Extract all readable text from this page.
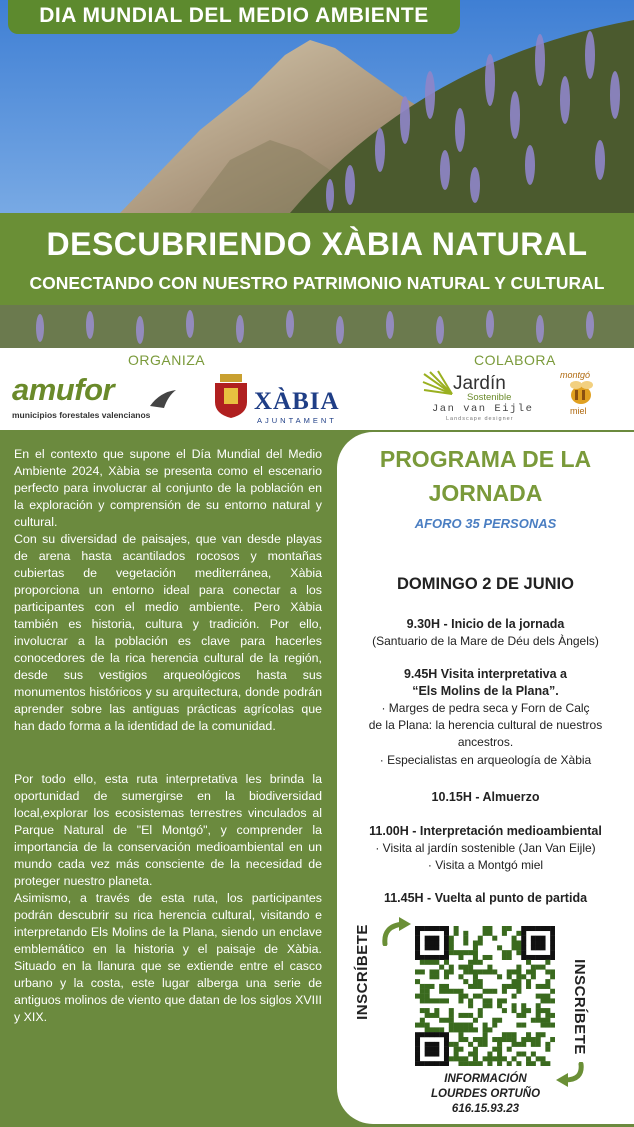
DIA MUNDIAL DEL MEDIO AMBIENTE
DESCUBRIENDO XÀBIA NATURAL
CONECTANDO CON NUESTRO PATRIMONIO NATURAL Y CULTURAL
ORGANIZA	COLABORA
amufor
municipios forestales valencianos	XÀBIA
AJUNTAMENT
Jardín
Sostenible
Jan van Eijle
Landscape designer
montgó
miel

En el contexto que supone el Día Mundial del Medio Ambiente 2024, Xàbia se presenta como el escenario perfecto para involucrar al conjunto de la población en la exploración y comprensión de su entorno natural y cultural.

Con su diversidad de paisajes, que van desde playas de arena hasta acantilados rocosos y montañas cubiertas de vegetación mediterránea, Xàbia proporciona un entorno ideal para conectar a los participantes con el medio ambiente. Pero Xàbia también es historia, cultura y tradición. Por ello, involucrar a la población es clave para hacerles conocedores de la rica herencia cultural de la región, desde sus vestigios arqueológicos hasta sus monumentos históricos y su arquitectura, donde podrán aprender sobre las antiguas prácticas agrícolas que han dado forma a la identidad de la comunidad.

Por todo ello, esta ruta interpretativa les brinda la oportunidad de sumergirse en la biodiversidad local,explorar los ecosistemas terrestres vinculados al Parque Natural de "El Montgó", y comprender la importancia de la conservación medioambiental en un mundo cada vez más consciente de la necesidad de proteger nuestro planeta.

Asimismo, a través de esta ruta, los participantes podrán descubrir su rica herencia cultural, visitando e interpretando Els Molins de la Plana, siendo un enclave emblemático en la historia y el paisaje de Xàbia. Situado en la llanura que se extiende entre el casco urbano y la costa, este lugar alberga una serie de antiguos molinos de viento que datan de los siglos XVIII y XIX.

PROGRAMA DE LA
JORNADA
AFORO 35 PERSONAS
DOMINGO 2 DE JUNIO
9.30H - Inicio de la jornada
(Santuario de la Mare de Déu dels Àngels)
9.45H Visita interpretativa a
“Els Molins de la Plana”.
· Marges de pedra seca y Forn de Calç
de la Plana: la herencia cultural de nuestros
ancestros.
· Especialistas en arqueología de Xàbia
10.15H - Almuerzo
11.00H - Interpretación medioambiental
· Visita al jardín sostenible (Jan Van Eijle)
· Visita a Montgó miel
11.45H - Vuelta al punto de partida
INSCRÍBETE	INSCRÍBETE
INFORMACIÓN
LOURDES ORTUÑO
616.15.93.23
